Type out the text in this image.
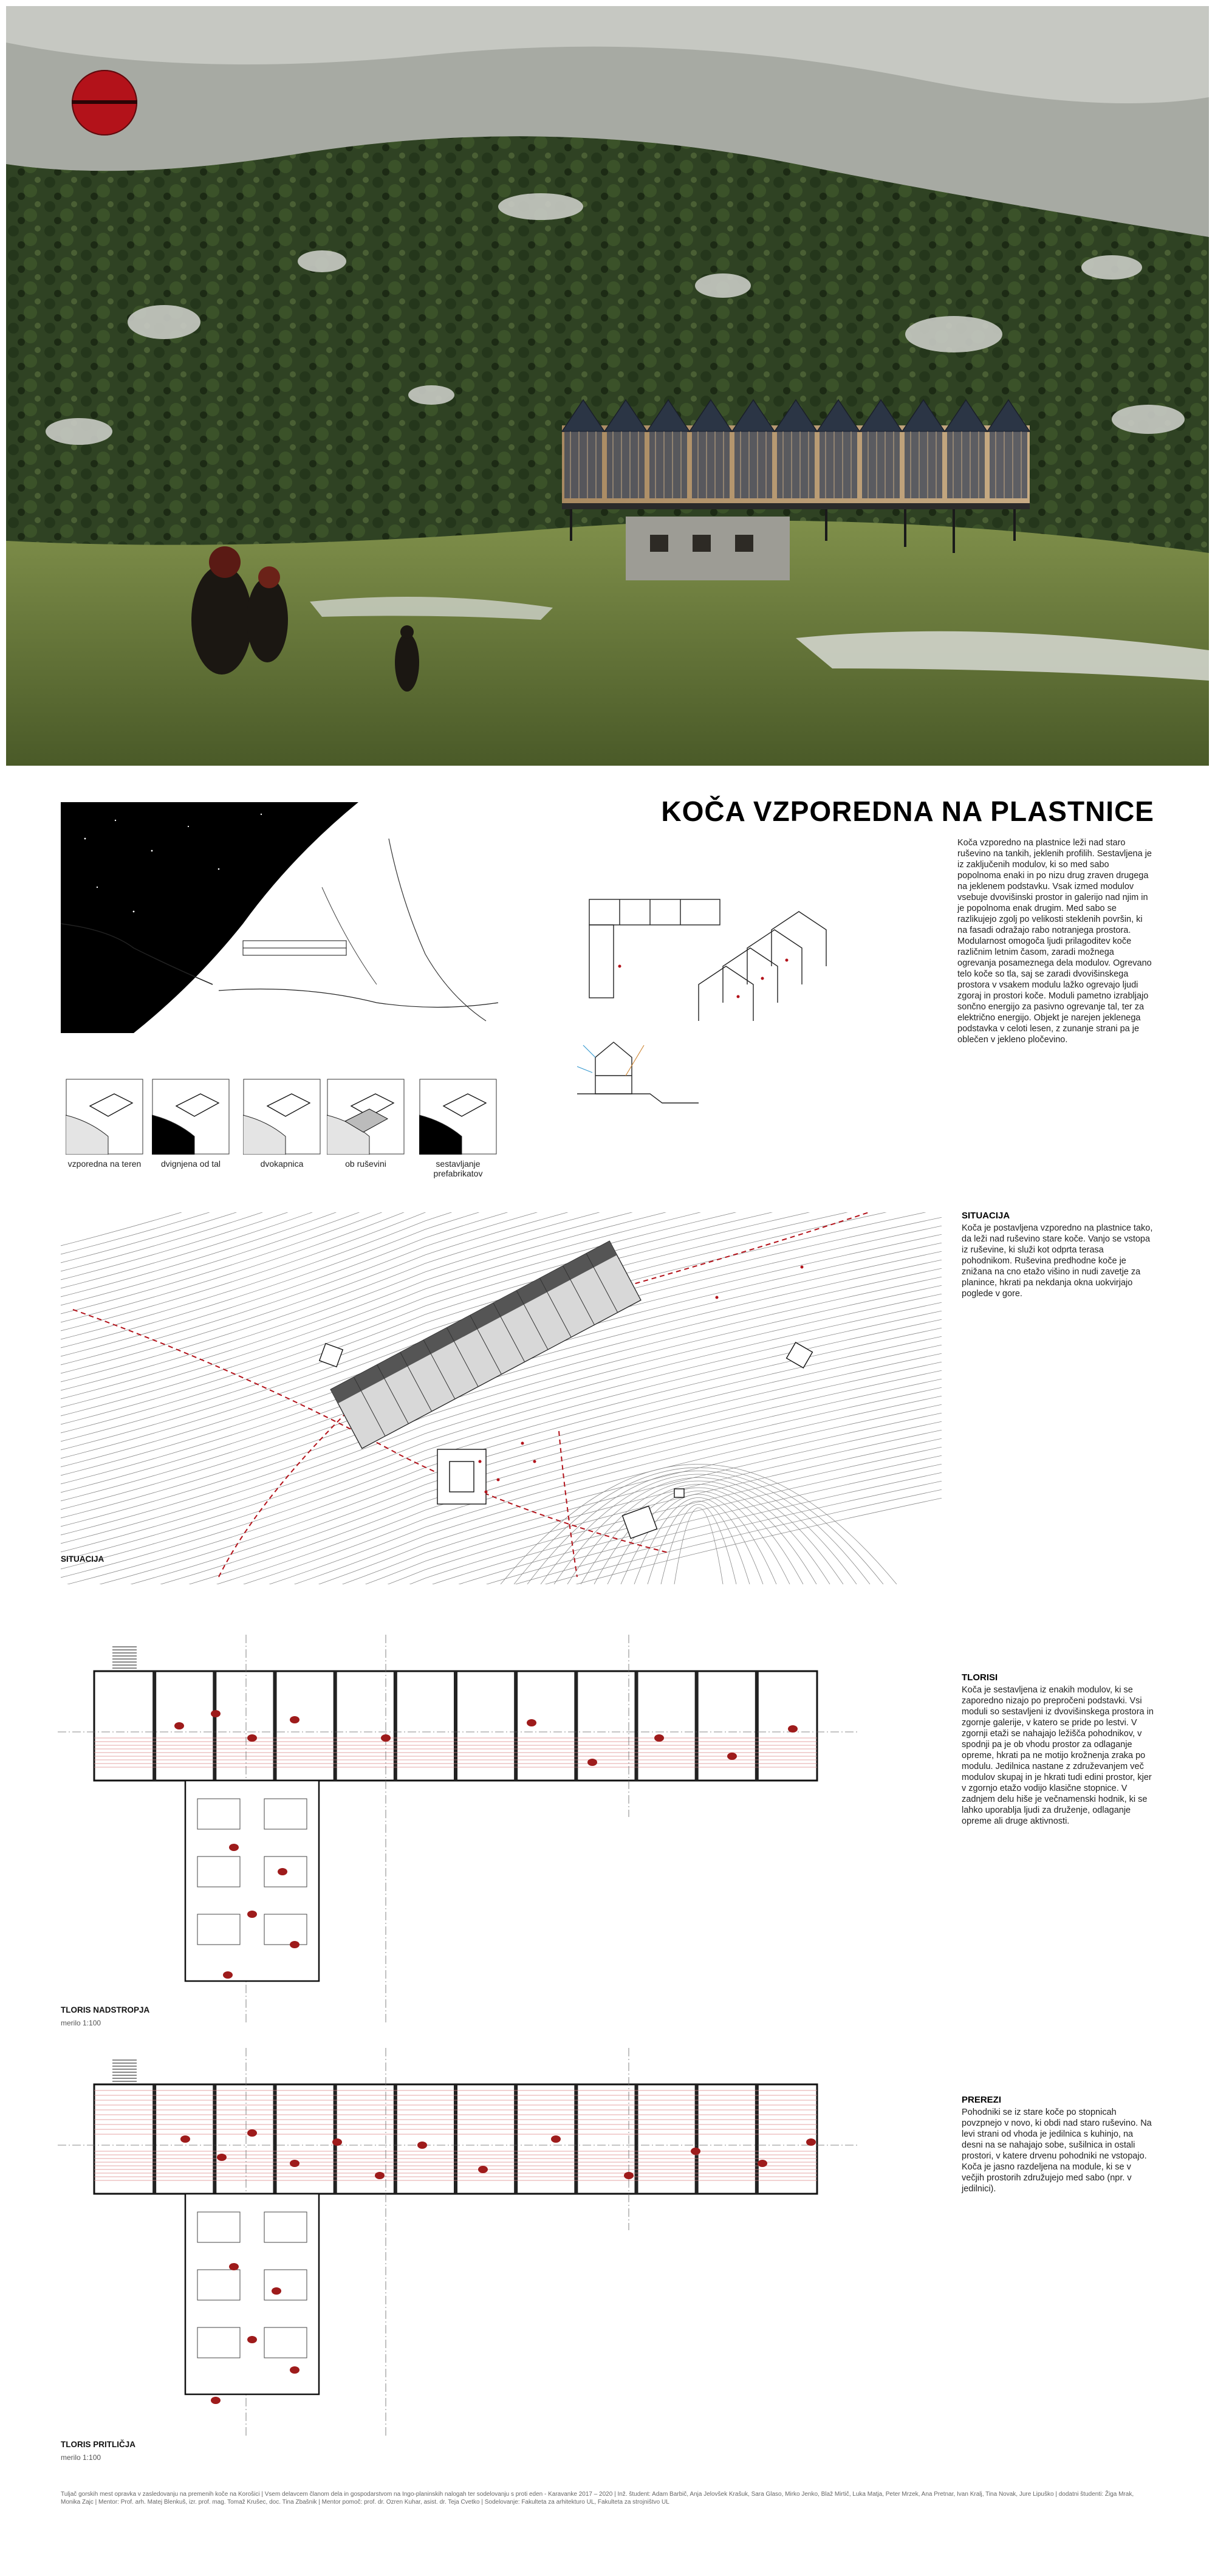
KOČA VZPOREDNA NA PLASTNICE
vzporedna na teren	dvignjena od tal	dvokapnica	ob ruševini	sestavljanje prefabrikatov
Koča vzporedno na plastnice leži nad staro ruševino na tankih, jeklenih profilih. Sestavljena je iz zaključenih modulov, ki so med sabo popolnoma enaki in po nizu drug zraven drugega na jeklenem podstavku. Vsak izmed modulov vsebuje dvovišinski prostor in galerijo nad njim in je popolnoma enak drugim. Med sabo se razlikujejo zgolj po velikosti steklenih površin, ki na fasadi odražajo rabo notranjega prostora. Modularnost omogoča ljudi prilagoditev koče različnim letnim časom, zaradi možnega ogrevanja posameznega dela modulov. Ogrevano telo koče so tla, saj se zaradi dvovišinskega prostora v vsakem modulu lažko ogrevajo ljudi zgoraj in prostori koče. Moduli pametno izrabljajo sončno energijo za pasivno ogrevanje tal, ter za električno energijo. Objekt je narejen jeklenega podstavka v celoti lesen, z zunanje strani pa je oblečen v jekleno pločevino.
SITUACIJA
SITUACIJA
Koča je postavljena vzporedno na plastnice tako, da leži nad ruševino stare koče. Vanjo se vstopa iz ruševine, ki služi kot odprta terasa pohodnikom. Ruševina predhodne koče je znižana na cno etažo višino in nudi zavetje za planince, hkrati pa nekdanja okna uokvirjajo poglede v gore.
TLORIS NADSTROPJA
merilo 1:100
TLORISI
Koča je sestavljena iz enakih modulov, ki se zaporedno nizajo po prepročeni podstavki. Vsi moduli so sestavljeni iz dvovišinskega prostora in zgornje galerije, v katero se pride po lestvi. V zgornji etaži se nahajajo ležišča pohodnikov, v spodnji pa je ob vhodu prostor za odlaganje opreme, hkrati pa ne motijo krožnenja zraka po modulu. Jedilnica nastane z združevanjem več modulov skupaj in je hkrati tudi edini prostor, kjer v zgornjo etažo vodijo klasične stopnice. V zadnjem delu hiše je večnamenski hodnik, ki se lahko uporablja ljudi za druženje, odlaganje opreme ali druge aktivnosti.
TLORIS PRITLIČJA
merilo 1:100
PREREZI
Pohodniki se iz stare koče po stopnicah povzpnejo v novo, ki obdi nad staro ruševino. Na levi strani od vhoda je jedilnica s kuhinjo, na desni na se nahajajo sobe, sušilnica in ostali prostori, v katere drvenu pohodniki ne vstopajo. Koča je jasno razdeljena na module, ki se v večjih prostorih združujejo med sabo (npr. v jedilnici).
Tuljač gorskih mest opravka v zasledovanju na premenih koče na Korošici | Vsem delavcem članom dela in gospodarstvom na Ingo-planinskih nalogah ter sodelovanju s proti eden - Karavanke 2017 – 2020 | Inž. študent: Adam Barbič, Anja Jelovšek Krašuk, Sara Glaso, Mirko Jenko, Blaž Mirtič, Luka Matja, Peter Mrzek, Ana Pretnar, Ivan Kralj, Tina Novak, Jure Lipuško | dodatni študenti: Žiga Mrak, Monika Zajc | Mentor: Prof. arh. Matej Blenkuš, izr. prof. mag. Tomaž Krušec, doc. Tina Zbašnik | Mentor pomoč: prof. dr. Ozren Kuhar, asist. dr. Teja Cvetko | Sodelovanje: Fakulteta za arhitekturo UL, Fakulteta za strojništvo UL
